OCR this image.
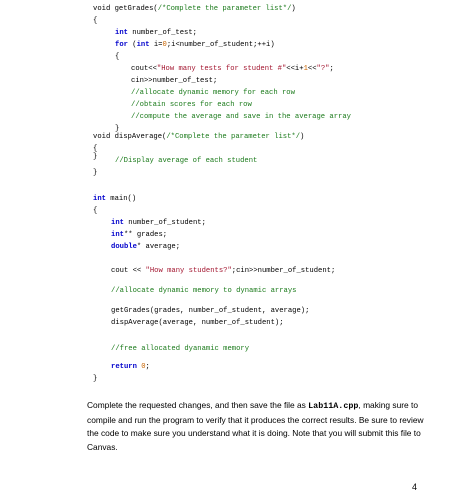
void getGrades(/*Complete the parameter list*/)
{
int number_of_test;
for (int i=0;i<number_of_student;++i)
{
cout<<"How many tests for student #"<<i+1<<"?";
cin>>number_of_test;
//allocate dynamic memory for each row
//obtain scores for each row
//compute the average and save in the average array
}
}
void dispAverage(/*Complete the parameter list*/)
{
//Display average of each student
}
int main()
{
int number_of_student;
int** grades;
double* average;
cout << "How many students?";cin>>number_of_student;
//allocate dynamic memory to dynamic arrays
getGrades(grades, number_of_student, average);
dispAverage(average, number_of_student);
//free allocated dyanamic memory
return 0;
}
Complete the requested changes, and then save the file as Lab11A.cpp, making sure to compile and run the program to verify that it produces the correct results. Be sure to review the code to make sure you understand what it is doing. Note that you will submit this file to Canvas.
4
